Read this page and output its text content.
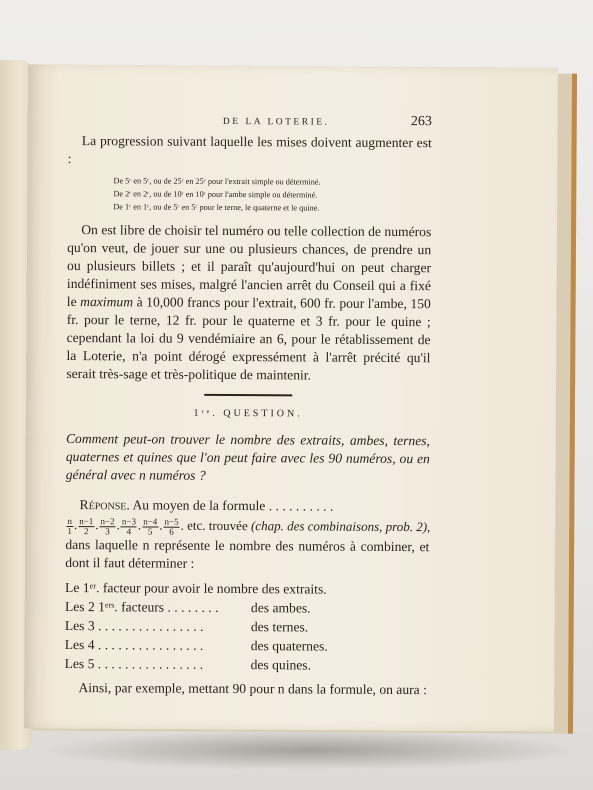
DE LA LOTERIE.	263

La progression suivant laquelle les mises doivent augmenter est :

De 5ᶜ en 5ᶜ, ou de 25ᶜ en 25ᶜ pour l'extrait simple ou déterminé.
De 2ᶜ en 2ᶜ, ou de 10ᶜ en 10ᶜ pour l'ambe simple ou déterminé.
De 1ᶜ en 1ᶜ, ou de 5ᶜ en 5ᶜ pour le terne, le quaterne et le quine.

On est libre de choisir tel numéro ou telle collection de numéros qu'on veut, de jouer sur une ou plusieurs chances, de prendre un ou plusieurs billets ; et il paraît qu'aujourd'hui on peut charger indéfiniment ses mises, malgré l'ancien arrêt du Conseil qui a fixé le maximum à 10,000 francs pour l'extrait, 600 fr. pour l'ambe, 150 fr. pour le terne, 12 fr. pour le quaterne et 3 fr. pour le quine ; cependant la loi du 9 vendémiaire an 6, pour le rétablissement de la Loterie, n'a point dérogé expressément à l'arrêt précité qu'il serait très-sage et très-politique de maintenir.

1ʳᵉ. QUESTION.

Comment peut-on trouver le nombre des extraits, ambes, ternes, quaternes et quines que l'on peut faire avec les 90 numéros, ou en général avec n numéros ?

Réponse. Au moyen de la formule . . . . . . . . . .

$\frac{n}{1}$ . $\frac{n-1}{2}$ . $\frac{n-2}{3}$ . $\frac{n-3}{4}$ . $\frac{n-4}{5}$ . $\frac{n-5}{6}$ . etc. trouvée (chap. des combinaisons, prob. 2),

dans laquelle n représente le nombre des numéros à combiner, et dont il faut déterminer :

Le 1ᵉʳ. facteur pour avoir le nombre des extraits.

Les 2 1ᵉʳˢ. facteurs . . . . . . . . des ambes.

Les 3 . . . . . . . . . . . . . . . .	des ternes.

Les 4 . . . . . . . . . . . . . . . .	des quaternes.

Les 5 . . . . . . . . . . . . . . . .	des quines.

Ainsi, par exemple, mettant 90 pour n dans la formule, on aura :
